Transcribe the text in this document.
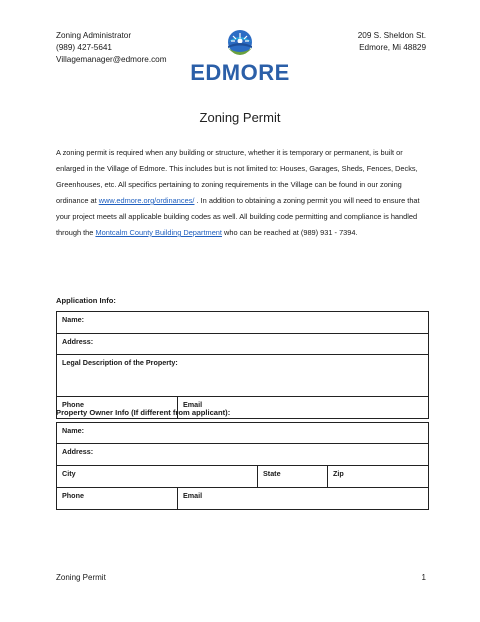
Zoning Administrator
(989) 427-5641
Villagemanager@edmore.com
EDMORE
209 S. Sheldon St.
Edmore, Mi 48829
Zoning Permit
A zoning permit is required when any building or structure, whether it is temporary or permanent, is built or enlarged in the Village of Edmore. This includes but is not limited to: Houses, Garages, Sheds, Fences, Decks, Greenhouses, etc. All specifics pertaining to zoning requirements in the Village can be found in our zoning ordinance at www.edmore.org/ordinances/ . In addition to obtaining a zoning permit you will need to ensure that your project meets all applicable building codes as well. All building code permitting and compliance is handled through the Montcalm County Building Department who can be reached at (989) 931 - 7394.
Application Info:
Name:
Address:
Legal Description of the Property:
Phone	Email
Property Owner Info (If different from applicant):
Name:			
Address:			
City		State	Zip
Phone	Email		
Zoning Permit	1
